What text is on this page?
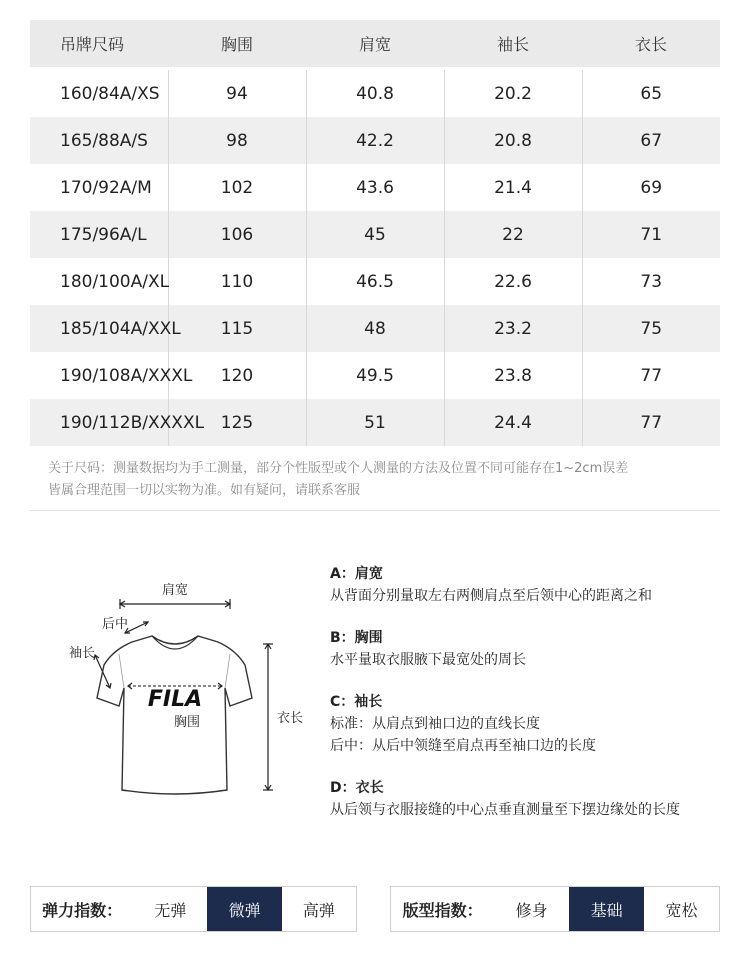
吊牌尺码	胸围	肩宽	袖长	衣长

160/84A/XS	94	40.8	20.2	65
165/88A/S	98	42.2	20.8	67
170/92A/M	102	43.6	21.4	69
175/96A/L	106	45	22	71
180/100A/XL	110	46.5	22.6	73
185/104A/XXL	115	48	23.2	75
190/108A/XXXL	120	49.5	23.8	77
190/112B/XXXXL	125	51	24.4	77
关于尺码：测量数据均为手工测量，部分个性版型或个人测量的方法及位置不同可能存在1~2cm误差
皆属合理范围一切以实物为准。如有疑问，请联系客服
肩宽
后中
袖长
FILA
胸围	衣长
A：肩宽
从背面分别量取左右两侧肩点至后领中心的距离之和
B：胸围
水平量取衣服腋下最宽处的周长
C：袖长
标准：从肩点到袖口边的直线长度
后中：从后中领缝至肩点再至袖口边的长度
D：衣长
从后领与衣服接缝的中心点垂直测量至下摆边缘处的长度
弹力指数：	无弹	微弹	高弹	版型指数：	修身	基础	宽松
